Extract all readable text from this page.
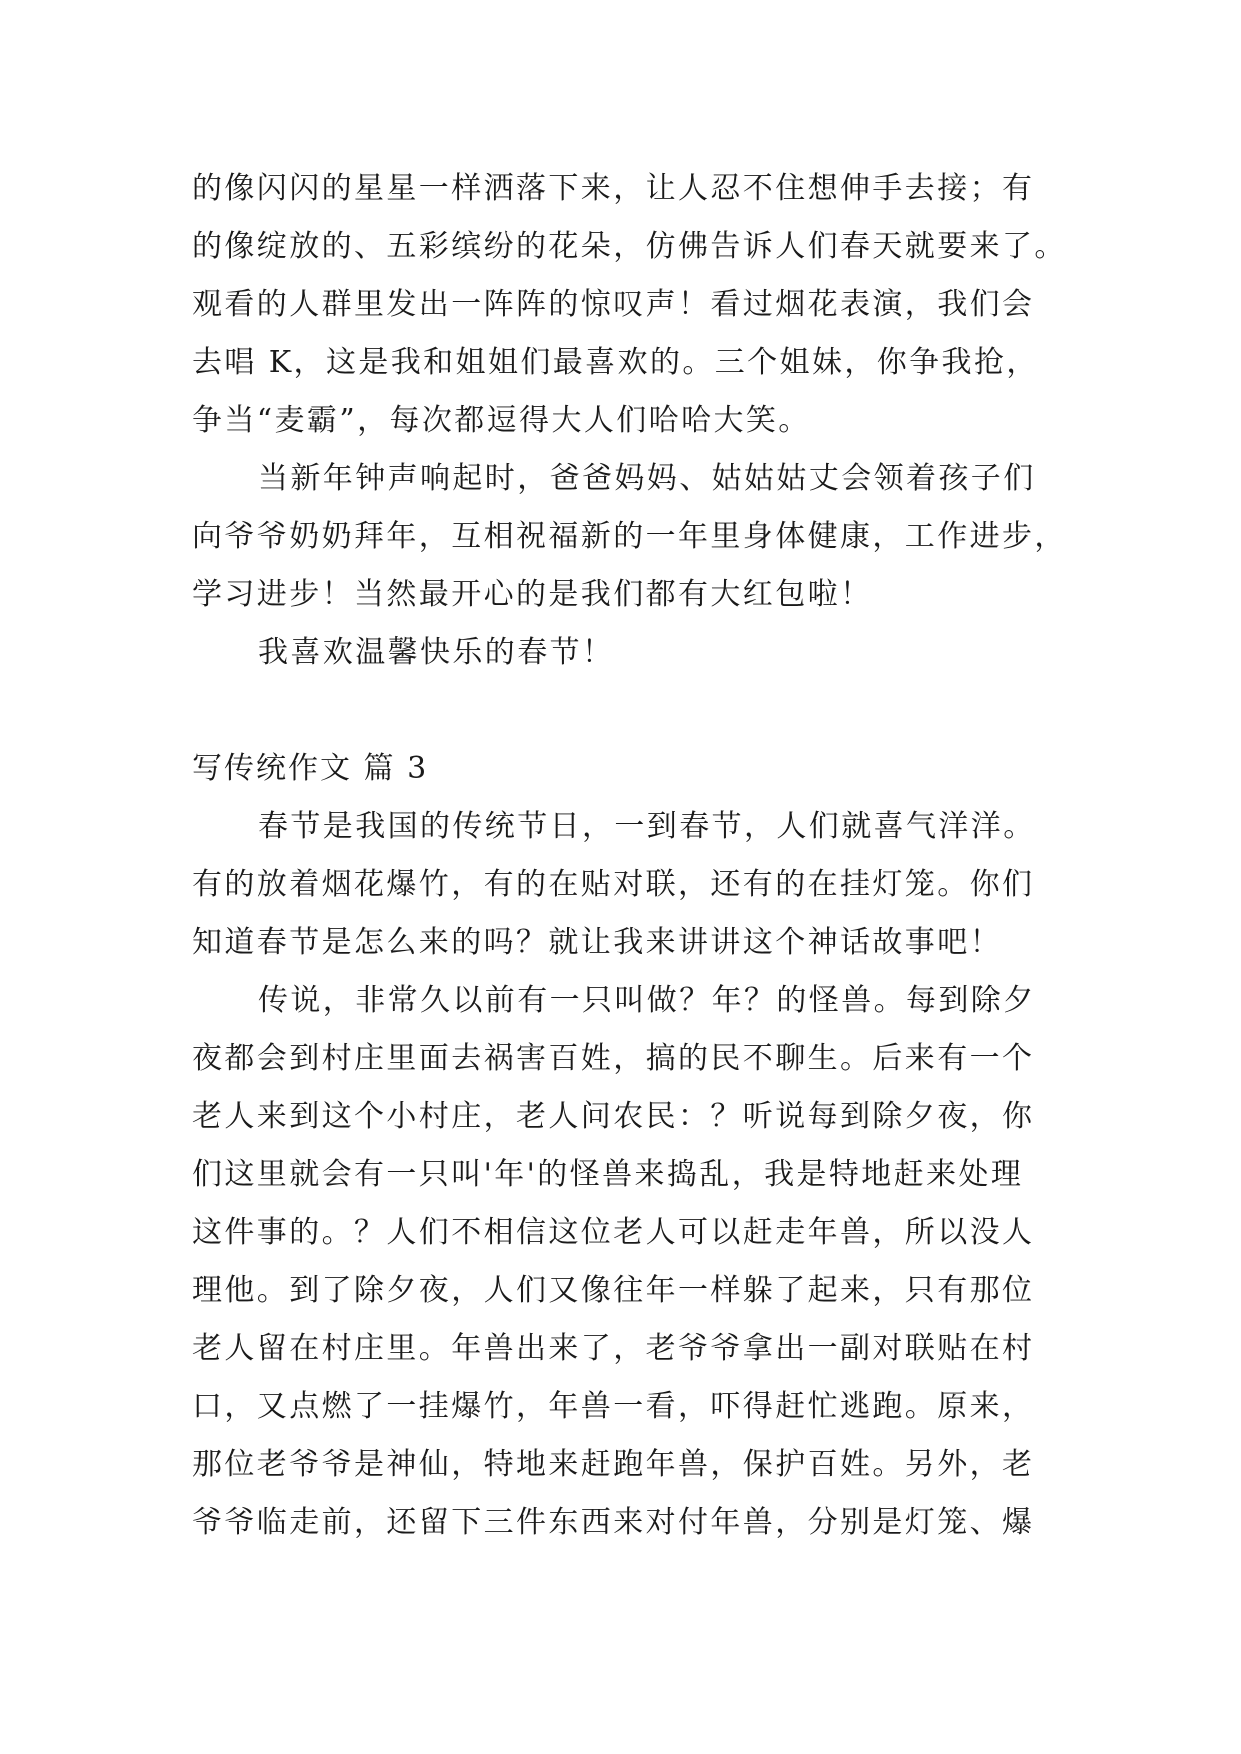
的像闪闪的星星一样洒落下来，让人忍不住想伸手去接；有
的像绽放的、五彩缤纷的花朵，仿佛告诉人们春天就要来了。
观看的人群里发出一阵阵的惊叹声！看过烟花表演，我们会
去唱 K，这是我和姐姐们最喜欢的。三个姐妹，你争我抢，
争当“麦霸”，每次都逗得大人们哈哈大笑。
当新年钟声响起时，爸爸妈妈、姑姑姑丈会领着孩子们
向爷爷奶奶拜年，互相祝福新的一年里身体健康，工作进步，
学习进步！当然最开心的是我们都有大红包啦！
我喜欢温馨快乐的春节！
写传统作文 篇 3
春节是我国的传统节日，一到春节，人们就喜气洋洋。
有的放着烟花爆竹，有的在贴对联，还有的在挂灯笼。你们
知道春节是怎么来的吗？就让我来讲讲这个神话故事吧！
传说，非常久以前有一只叫做？年？的怪兽。每到除夕
夜都会到村庄里面去祸害百姓，搞的民不聊生。后来有一个
老人来到这个小村庄，老人问农民：？听说每到除夕夜，你
们这里就会有一只叫'年'的怪兽来捣乱，我是特地赶来处理
这件事的。？人们不相信这位老人可以赶走年兽，所以没人
理他。到了除夕夜，人们又像往年一样躲了起来，只有那位
老人留在村庄里。年兽出来了，老爷爷拿出一副对联贴在村
口，又点燃了一挂爆竹，年兽一看，吓得赶忙逃跑。原来，
那位老爷爷是神仙，特地来赶跑年兽，保护百姓。另外，老
爷爷临走前，还留下三件东西来对付年兽，分别是灯笼、爆
